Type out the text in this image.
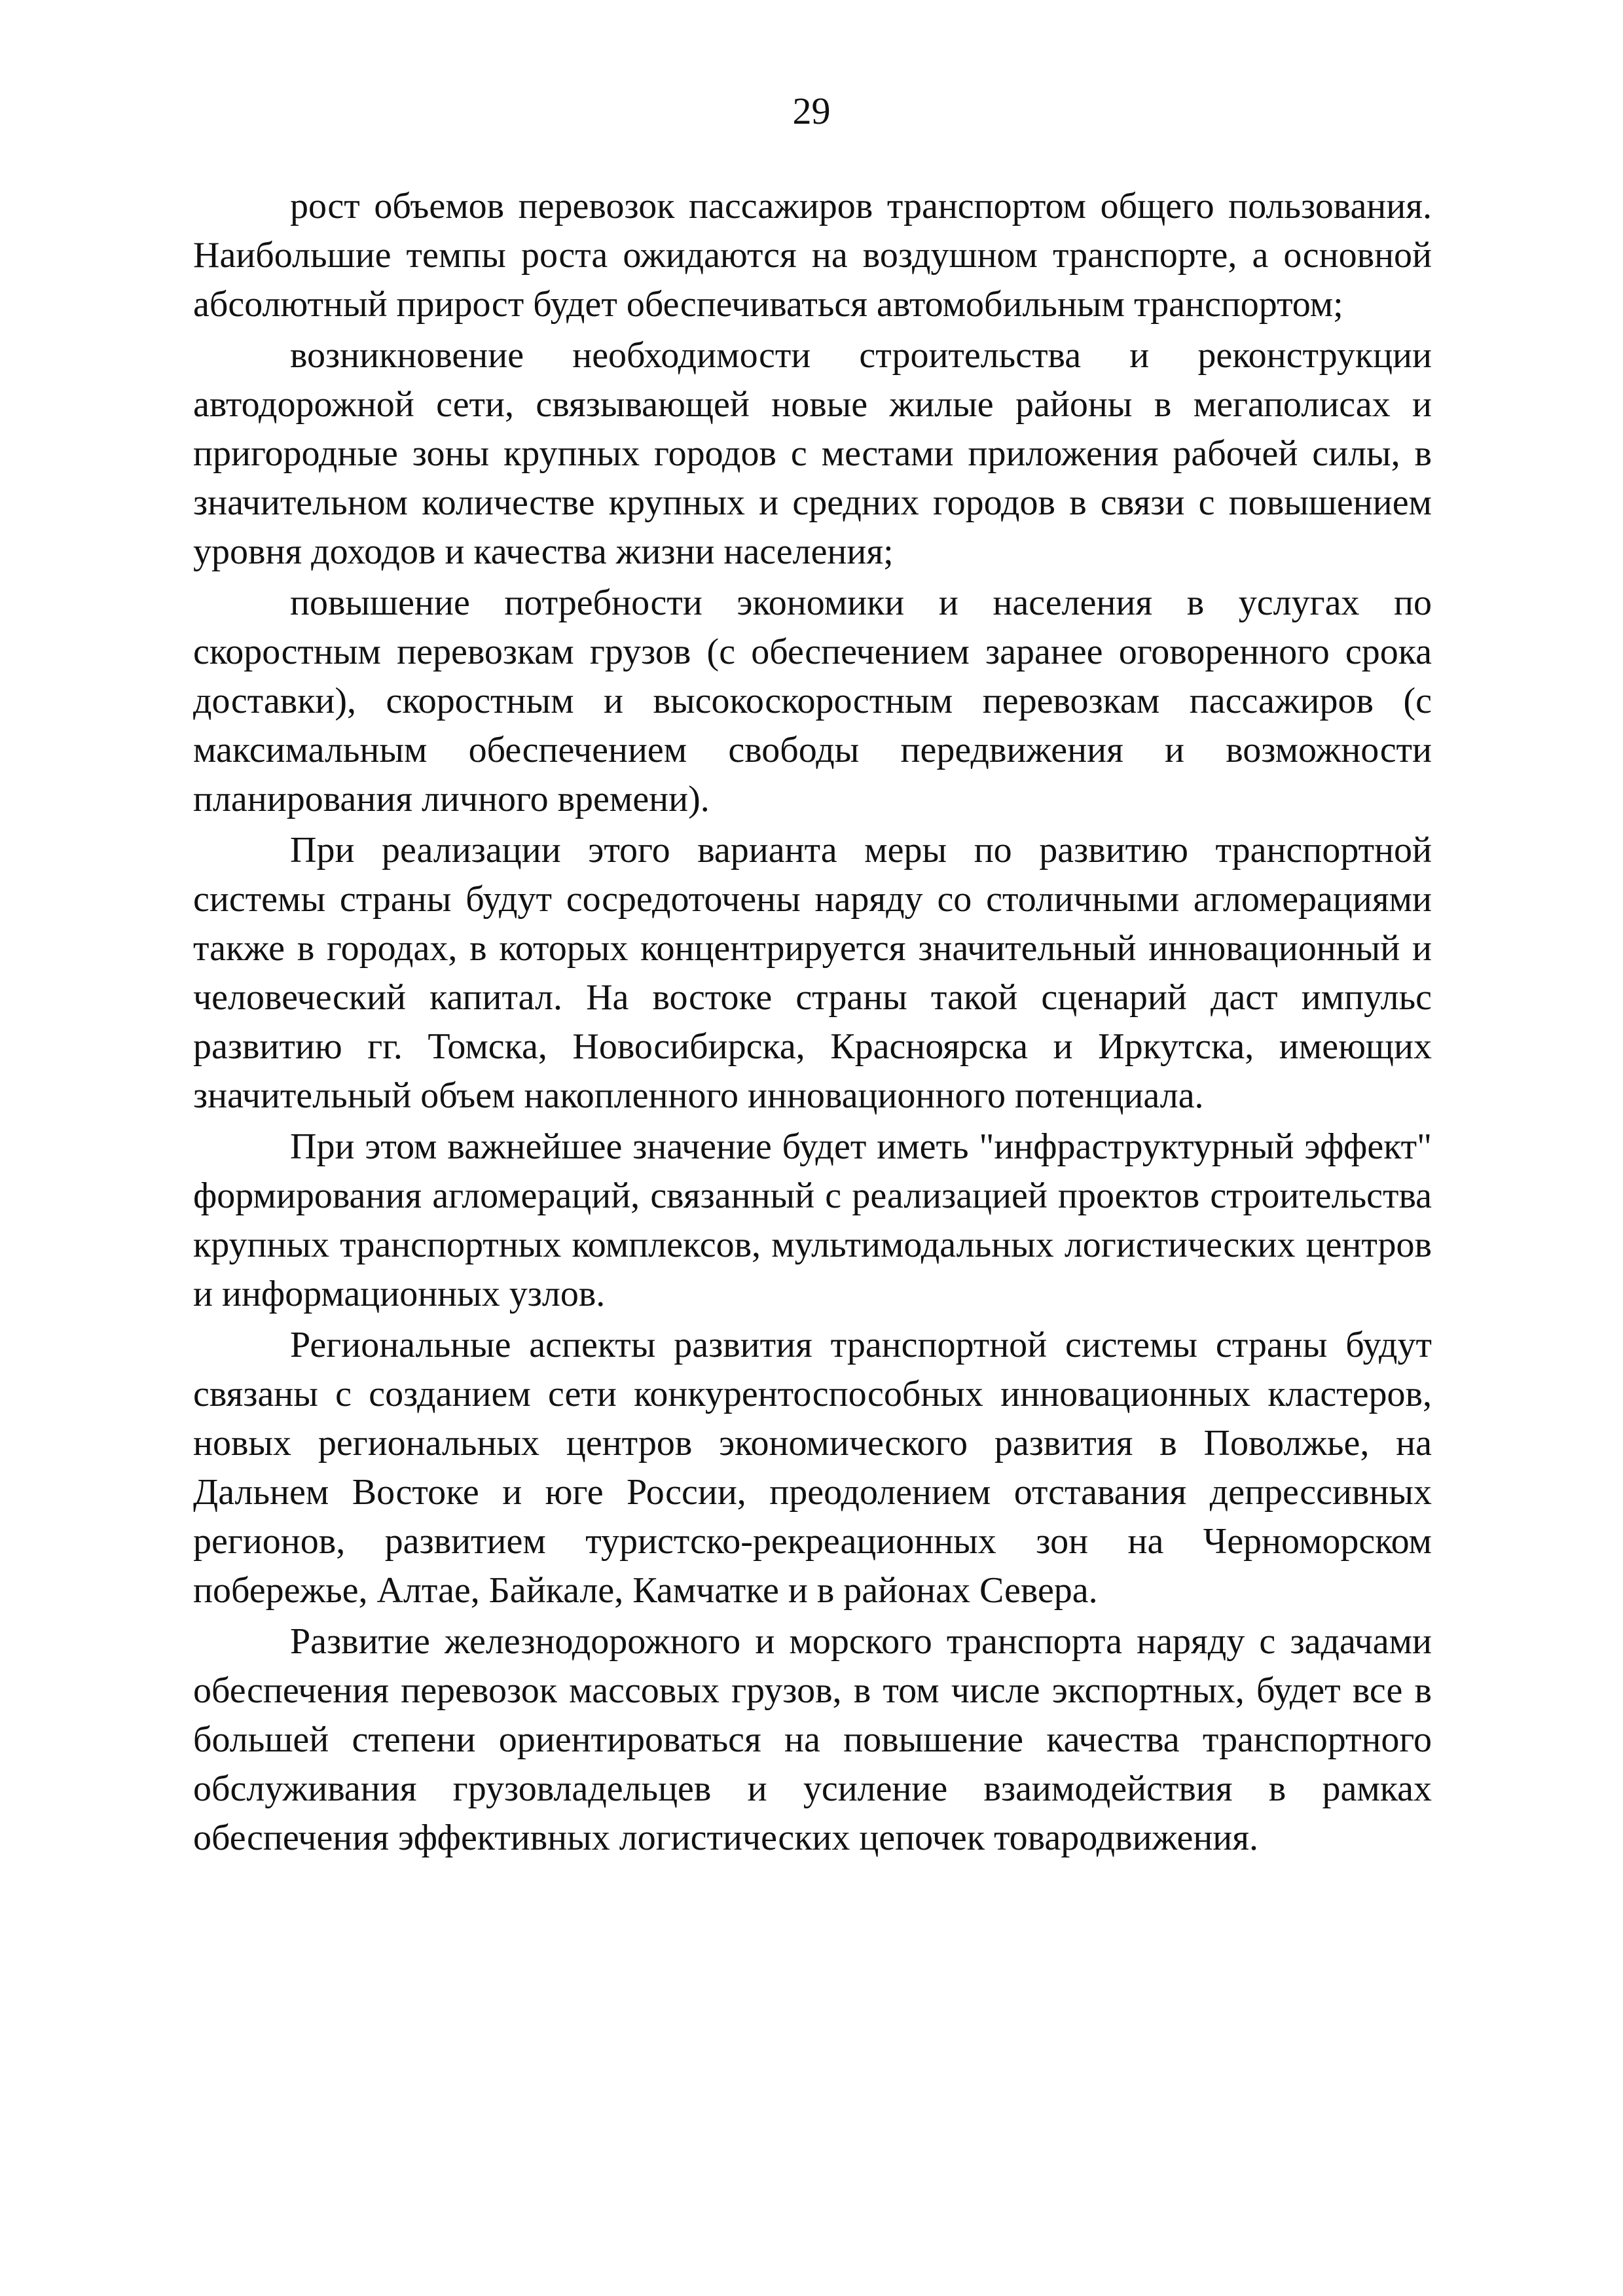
29

рост объемов перевозок пассажиров транспортом общего пользования. Наибольшие темпы роста ожидаются на воздушном транспорте, а основной абсолютный прирост будет обеспечиваться автомобильным транспортом;

возникновение необходимости строительства и реконструкции автодорожной сети, связывающей новые жилые районы в мегаполисах и пригородные зоны крупных городов с местами приложения рабочей силы, в значительном количестве крупных и средних городов в связи с повышением уровня доходов и качества жизни населения;

повышение потребности экономики и населения в услугах по скоростным перевозкам грузов (с обеспечением заранее оговоренного срока доставки), скоростным и высокоскоростным перевозкам пассажиров (с максимальным обеспечением свободы передвижения и возможности планирования личного времени).

При реализации этого варианта меры по развитию транспортной системы страны будут сосредоточены наряду со столичными агломерациями также в городах, в которых концентрируется значительный инновационный и человеческий капитал. На востоке страны такой сценарий даст импульс развитию гг. Томска, Новосибирска, Красноярска и Иркутска, имеющих значительный объем накопленного инновационного потенциала.

При этом важнейшее значение будет иметь "инфраструктурный эффект" формирования агломераций, связанный с реализацией проектов строительства крупных транспортных комплексов, мультимодальных логистических центров и информационных узлов.

Региональные аспекты развития транспортной системы страны будут связаны с созданием сети конкурентоспособных инновационных кластеров, новых региональных центров экономического развития в Поволжье, на Дальнем Востоке и юге России, преодолением отставания депрессивных регионов, развитием туристско-рекреационных зон на Черноморском побережье, Алтае, Байкале, Камчатке и в районах Севера.

Развитие железнодорожного и морского транспорта наряду с задачами обеспечения перевозок массовых грузов, в том числе экспортных, будет все в большей степени ориентироваться на повышение качества транспортного обслуживания грузовладельцев и усиление взаимодействия в рамках обеспечения эффективных логистических цепочек товародвижения.
